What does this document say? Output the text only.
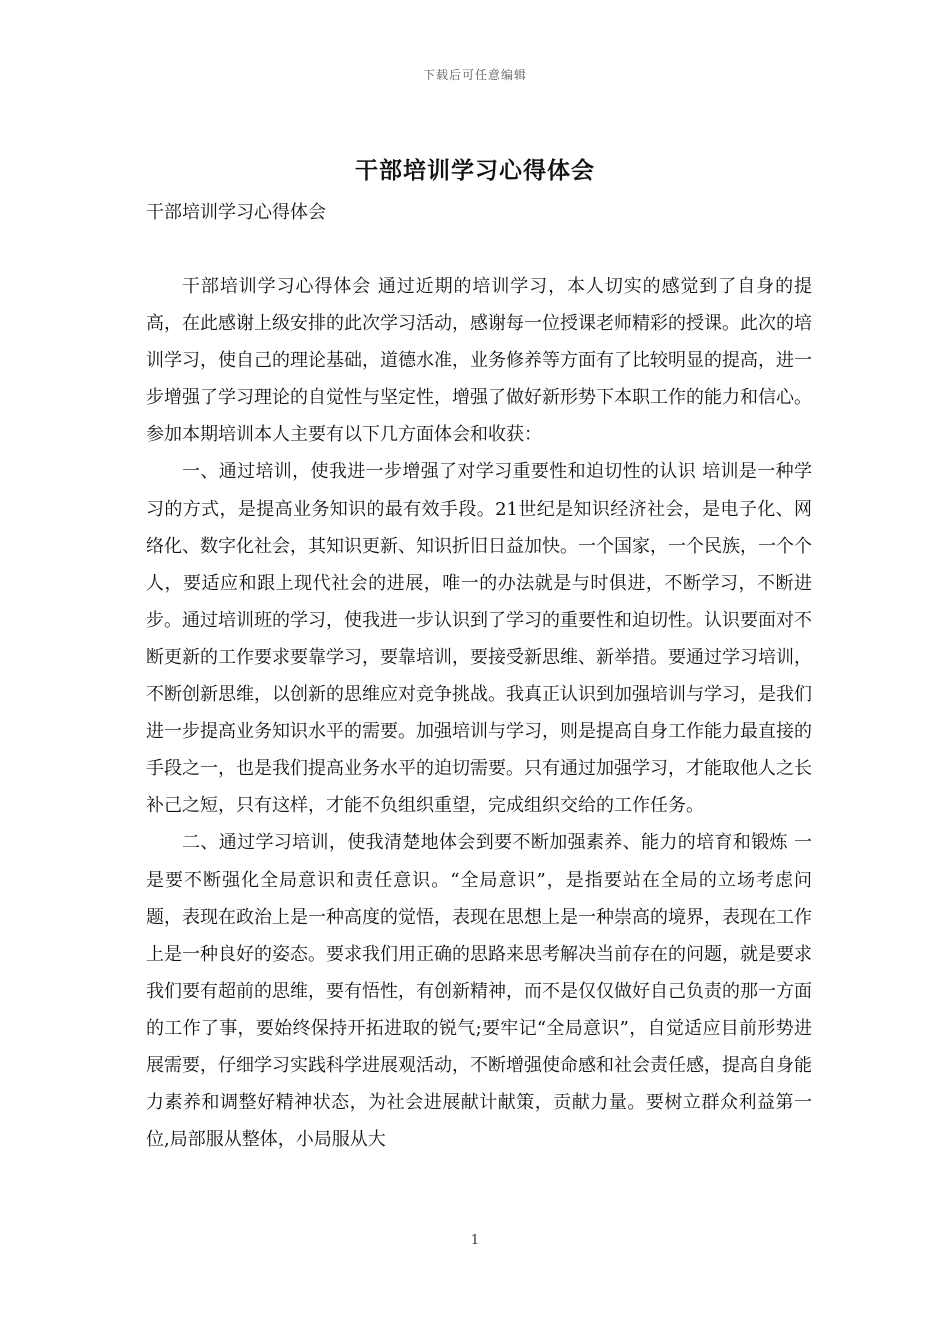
下载后可任意编辑
干部培训学习心得体会
干部培训学习心得体会

干部培训学习心得体会 通过近期的培训学习，本人切实的感觉到了自身的提高，在此感谢上级安排的此次学习活动，感谢每一位授课老师精彩的授课。此次的培训学习，使自己的理论基础，道德水准，业务修养等方面有了比较明显的提高，进一步增强了学习理论的自觉性与坚定性，增强了做好新形势下本职工作的能力和信心。参加本期培训本人主要有以下几方面体会和收获：

一、通过培训，使我进一步增强了对学习重要性和迫切性的认识 培训是一种学习的方式，是提高业务知识的最有效手段。21世纪是知识经济社会，是电子化、网络化、数字化社会，其知识更新、知识折旧日益加快。一个国家，一个民族，一个个人，要适应和跟上现代社会的进展，唯一的办法就是与时俱进，不断学习，不断进步。通过培训班的学习，使我进一步认识到了学习的重要性和迫切性。认识要面对不断更新的工作要求要靠学习，要靠培训，要接受新思维、新举措。要通过学习培训，不断创新思维，以创新的思维应对竞争挑战。我真正认识到加强培训与学习，是我们进一步提高业务知识水平的需要。加强培训与学习，则是提高自身工作能力最直接的手段之一，也是我们提高业务水平的迫切需要。只有通过加强学习，才能取他人之长补己之短，只有这样，才能不负组织重望，完成组织交给的工作任务。

二、通过学习培训，使我清楚地体会到要不断加强素养、能力的培育和锻炼 一是要不断强化全局意识和责任意识。“全局意识”，是指要站在全局的立场考虑问题，表现在政治上是一种高度的觉悟，表现在思想上是一种崇高的境界，表现在工作上是一种良好的姿态。要求我们用正确的思路来思考解决当前存在的问题，就是要求我们要有超前的思维，要有悟性，有创新精神，而不是仅仅做好自己负责的那一方面的工作了事，要始终保持开拓进取的锐气;要牢记“全局意识”，自觉适应目前形势进展需要，仔细学习实践科学进展观活动，不断增强使命感和社会责任感，提高自身能力素养和调整好精神状态，为社会进展献计献策，贡献力量。要树立群众利益第一位,局部服从整体，小局服从大

1
